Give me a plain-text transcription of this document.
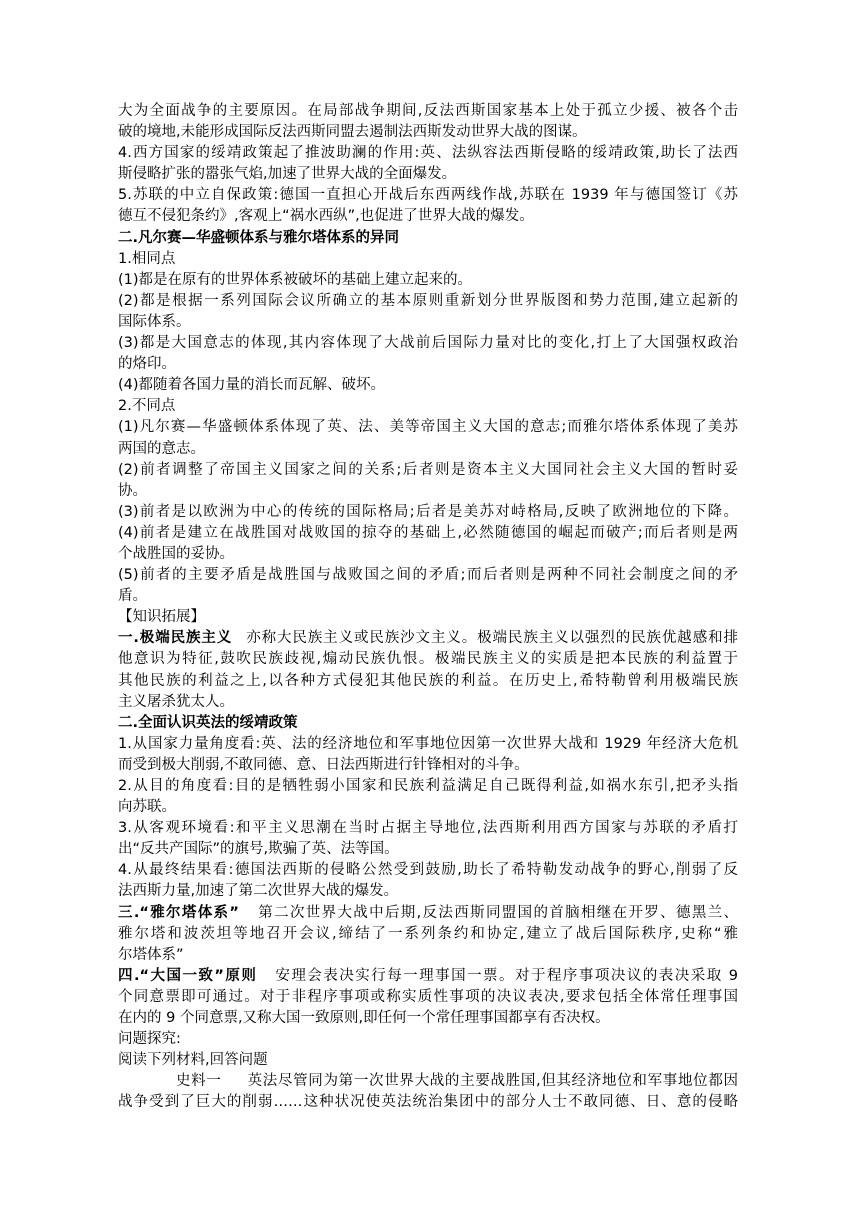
大为全面战争的主要原因。在局部战争期间,反法西斯国家基本上处于孤立少援、被各个击
破的境地,未能形成国际反法西斯同盟去遏制法西斯发动世界大战的图谋。
4.西方国家的绥靖政策起了推波助澜的作用:英、法纵容法西斯侵略的绥靖政策,助长了法西
斯侵略扩张的嚣张气焰,加速了世界大战的全面爆发。
5.苏联的中立自保政策:德国一直担心开战后东西两线作战,苏联在 1939 年与德国签订《苏
德互不侵犯条约》,客观上“祸水西纵”,也促进了世界大战的爆发。
二.凡尔赛—华盛顿体系与雅尔塔体系的异同
1.相同点
(1)都是在原有的世界体系被破坏的基础上建立起来的。
(2)都是根据一系列国际会议所确立的基本原则重新划分世界版图和势力范围,建立起新的
国际体系。
(3)都是大国意志的体现,其内容体现了大战前后国际力量对比的变化,打上了大国强权政治
的烙印。
(4)都随着各国力量的消长而瓦解、破坏。
2.不同点
(1)凡尔赛—华盛顿体系体现了英、法、美等帝国主义大国的意志;而雅尔塔体系体现了美苏
两国的意志。
(2)前者调整了帝国主义国家之间的关系;后者则是资本主义大国同社会主义大国的暂时妥
协。
(3)前者是以欧洲为中心的传统的国际格局;后者是美苏对峙格局,反映了欧洲地位的下降。
(4)前者是建立在战胜国对战败国的掠夺的基础上,必然随德国的崛起而破产;而后者则是两
个战胜国的妥协。
(5)前者的主要矛盾是战胜国与战败国之间的矛盾;而后者则是两种不同社会制度之间的矛
盾。
【知识拓展】
一.极端民族主义 亦称大民族主义或民族沙文主义。极端民族主义以强烈的民族优越感和排
他意识为特征,鼓吹民族歧视,煽动民族仇恨。极端民族主义的实质是把本民族的利益置于
其他民族的利益之上,以各种方式侵犯其他民族的利益。在历史上,希特勒曾利用极端民族
主义屠杀犹太人。
二.全面认识英法的绥靖政策
1.从国家力量角度看:英、法的经济地位和军事地位因第一次世界大战和 1929 年经济大危机
而受到极大削弱,不敢同德、意、日法西斯进行针锋相对的斗争。
2.从目的角度看:目的是牺牲弱小国家和民族利益满足自己既得利益,如祸水东引,把矛头指
向苏联。
3.从客观环境看:和平主义思潮在当时占据主导地位,法西斯利用西方国家与苏联的矛盾打
出“反共产国际”的旗号,欺骗了英、法等国。
4.从最终结果看:德国法西斯的侵略公然受到鼓励,助长了希特勒发动战争的野心,削弱了反
法西斯力量,加速了第二次世界大战的爆发。
三.“雅尔塔体系” 第二次世界大战中后期,反法西斯同盟国的首脑相继在开罗、德黑兰、
雅尔塔和波茨坦等地召开会议,缔结了一系列条约和协定,建立了战后国际秩序,史称“雅
尔塔体系”
四.“大国一致”原则 安理会表决实行每一理事国一票。对于程序事项决议的表决采取 9
个同意票即可通过。对于非程序事项或称实质性事项的决议表决,要求包括全体常任理事国
在内的 9 个同意票,又称大国一致原则,即任何一个常任理事国都享有否决权。
问题探究:
阅读下列材料,回答问题
史料一 英法尽管同为第一次世界大战的主要战胜国,但其经济地位和军事地位都因
战争受到了巨大的削弱……这种状况使英法统治集团中的部分人士不敢同德、日、意的侵略
